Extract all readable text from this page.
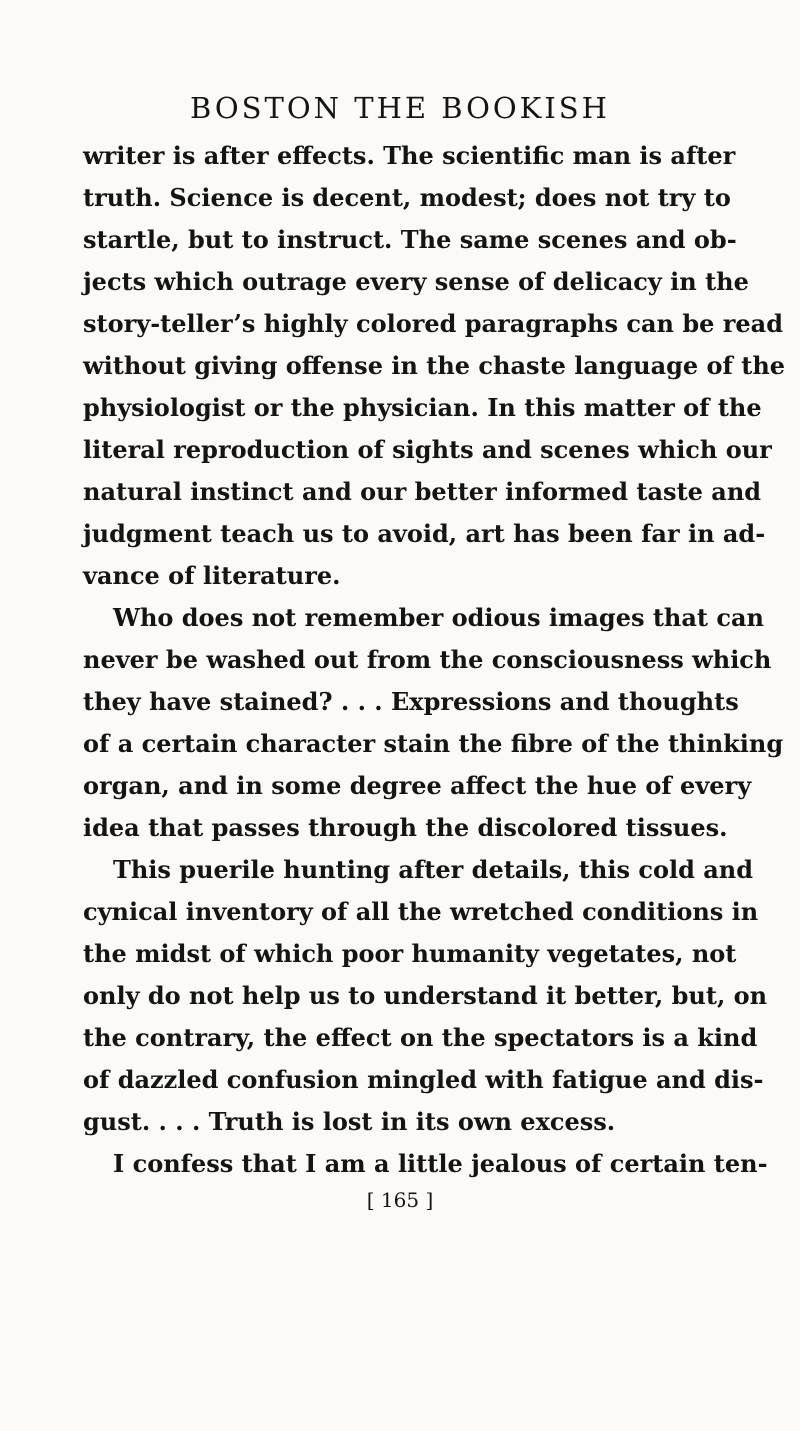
BOSTON THE BOOKISH
writer is after effects. The scientific man is after
truth. Science is decent, modest; does not try to
startle, but to instruct. The same scenes and ob-
jects which outrage every sense of delicacy in the
story-teller’s highly colored paragraphs can be read
without giving offense in the chaste language of the
physiologist or the physician. In this matter of the
literal reproduction of sights and scenes which our
natural instinct and our better informed taste and
judgment teach us to avoid, art has been far in ad-
vance of literature.
Who does not remember odious images that can
never be washed out from the consciousness which
they have stained? . . . Expressions and thoughts
of a certain character stain the fibre of the thinking
organ, and in some degree affect the hue of every
idea that passes through the discolored tissues.
This puerile hunting after details, this cold and
cynical inventory of all the wretched conditions in
the midst of which poor humanity vegetates, not
only do not help us to understand it better, but, on
the contrary, the effect on the spectators is a kind
of dazzled confusion mingled with fatigue and dis-
gust. . . . Truth is lost in its own excess.
I confess that I am a little jealous of certain ten-
[ 165 ]
